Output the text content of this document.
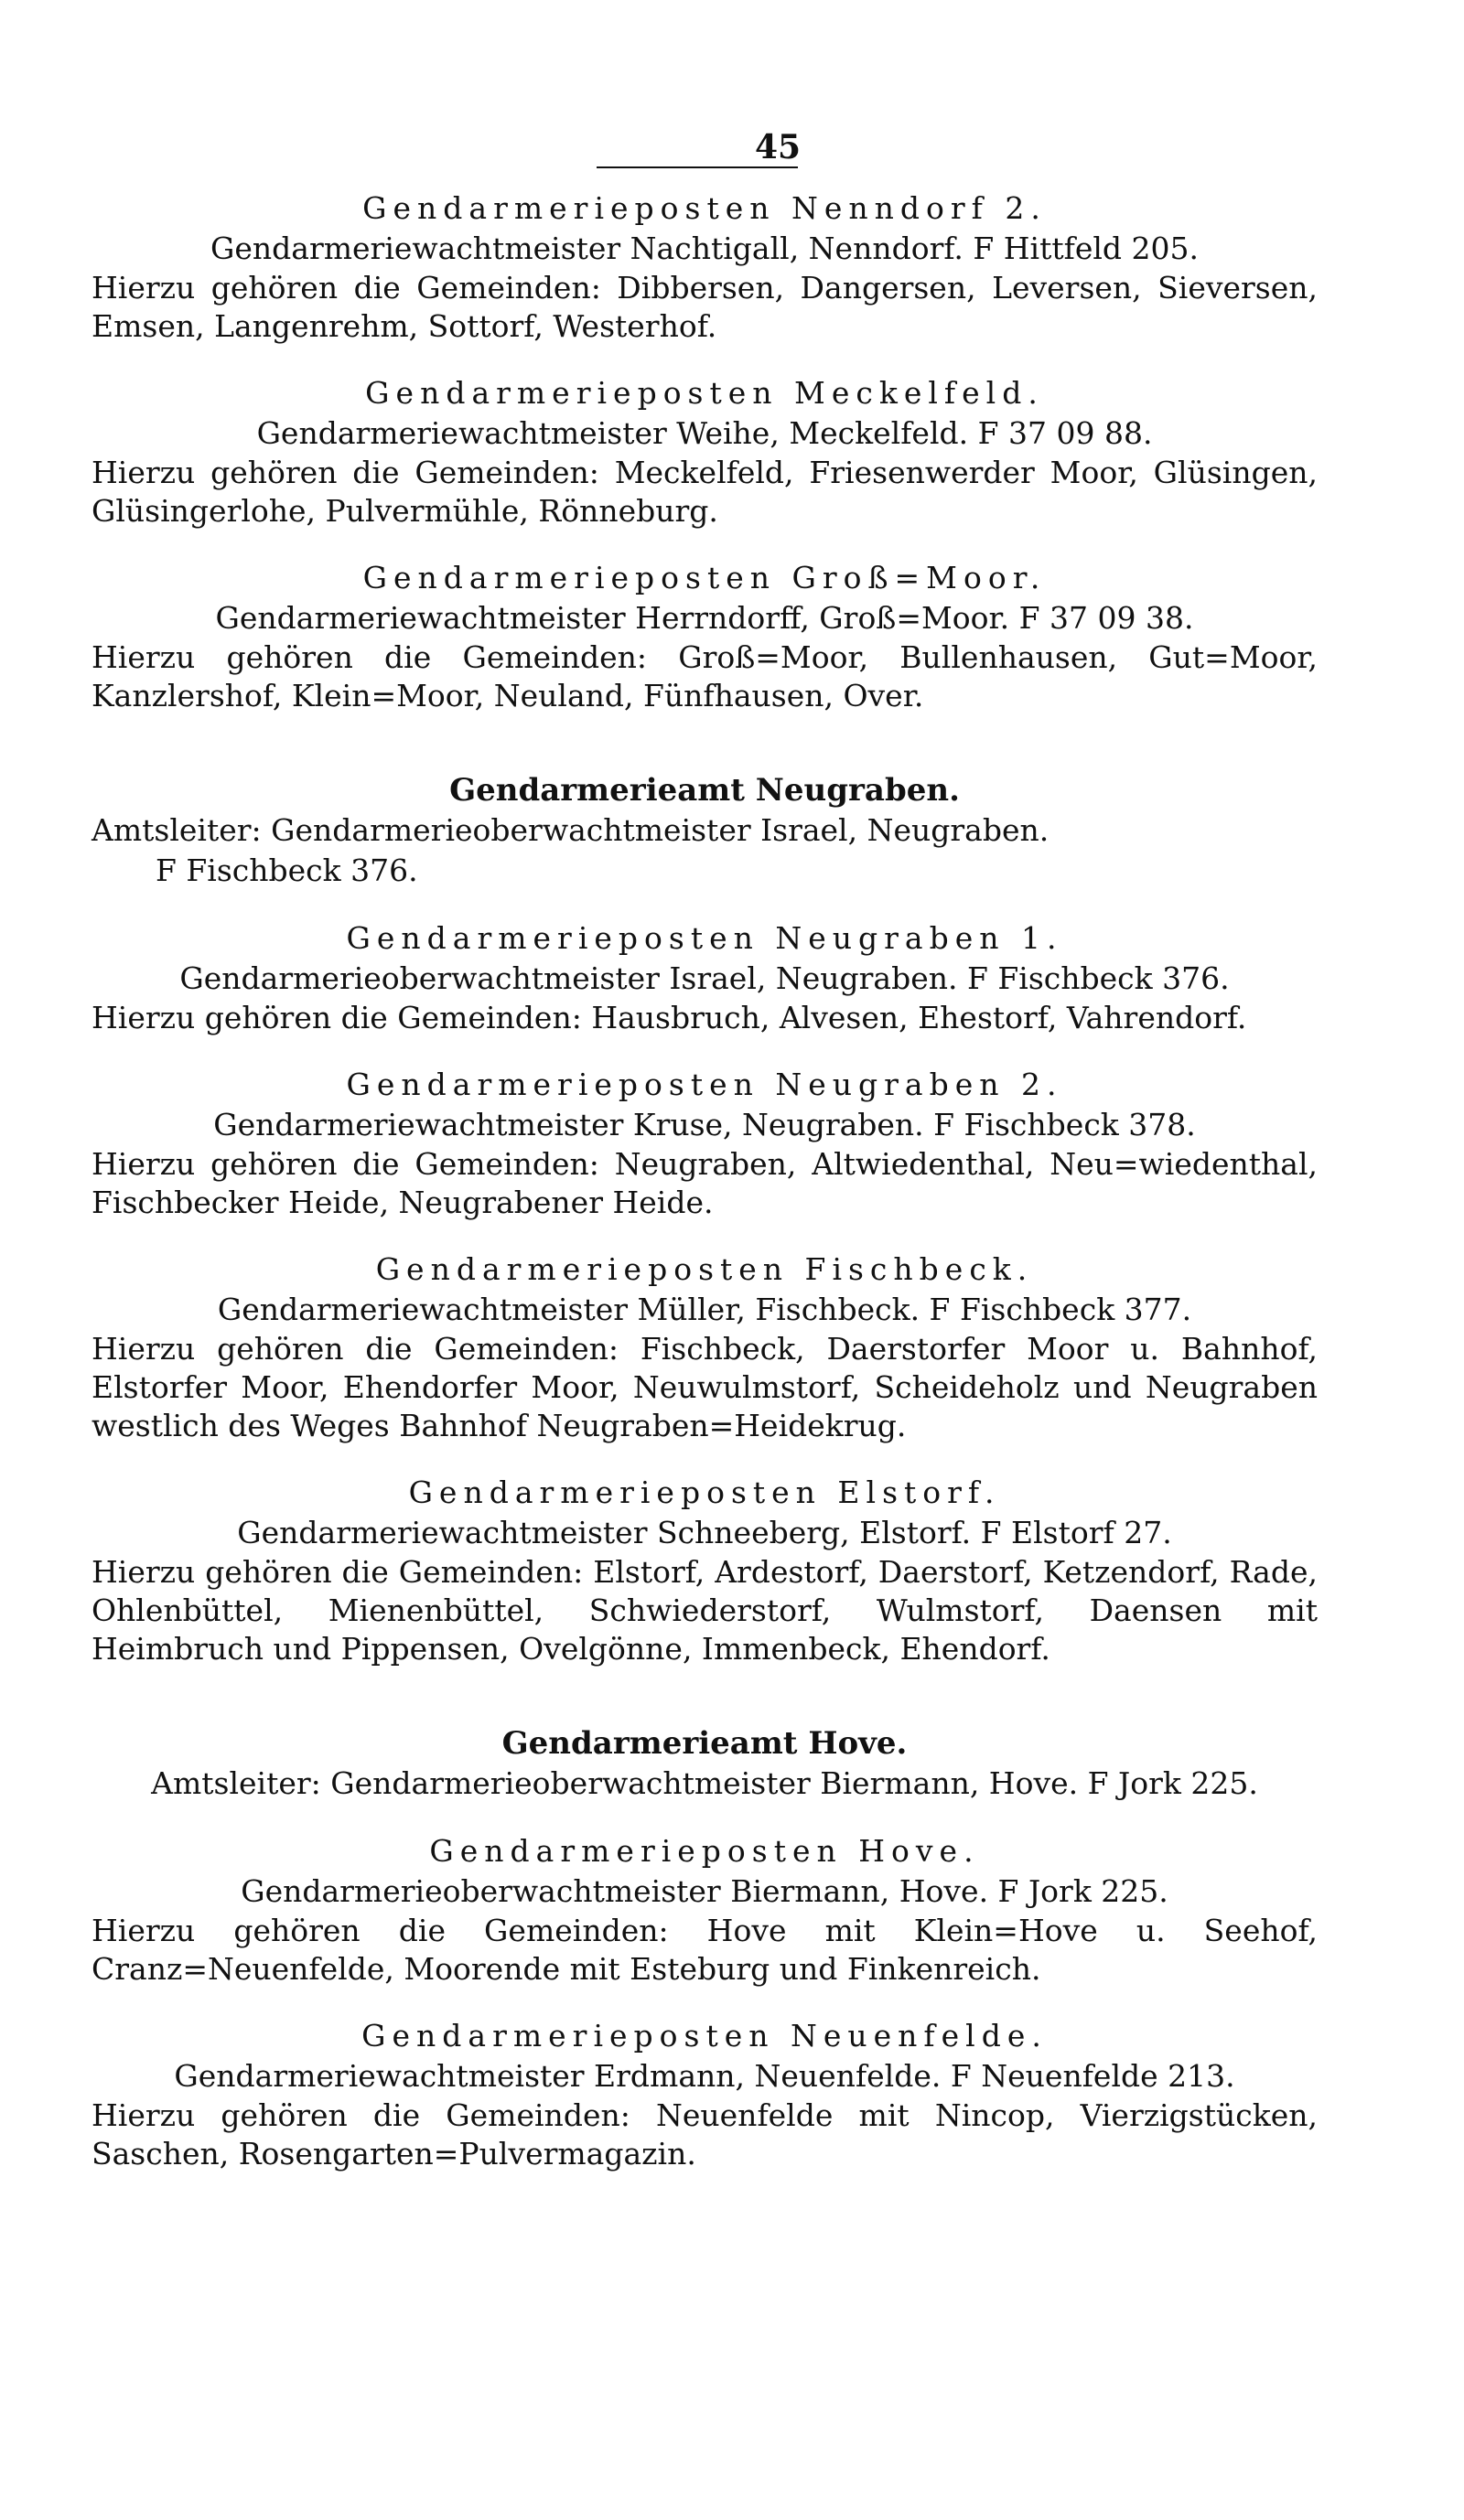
45

Gendarmerieposten Nenndorf 2.

Gendarmeriewachtmeister Nachtigall, Nenndorf. F Hittfeld 205.

Hierzu gehören die Gemeinden: Dibbersen, Dangersen, Leversen, Sieversen, Emsen, Langenrehm, Sottorf, Westerhof.

Gendarmerieposten Meckelfeld.

Gendarmeriewachtmeister Weihe, Meckelfeld. F 37 09 88.

Hierzu gehören die Gemeinden: Meckelfeld, Friesenwerder Moor, Glüsingen, Glüsingerlohe, Pulvermühle, Rönneburg.

Gendarmerieposten Groß=Moor.

Gendarmeriewachtmeister Herrndorff, Groß=Moor. F 37 09 38.

Hierzu gehören die Gemeinden: Groß=Moor, Bullenhausen, Gut=Moor, Kanzlershof, Klein=Moor, Neuland, Fünfhausen, Over.

Gendarmerieamt Neugraben.

Amtsleiter: Gendarmerieoberwachtmeister Israel, Neugraben.

F Fischbeck 376.

Gendarmerieposten Neugraben 1.

Gendarmerieoberwachtmeister Israel, Neugraben. F Fischbeck 376.

Hierzu gehören die Gemeinden: Hausbruch, Alvesen, Ehestorf, Vahrendorf.

Gendarmerieposten Neugraben 2.

Gendarmeriewachtmeister Kruse, Neugraben. F Fischbeck 378.

Hierzu gehören die Gemeinden: Neugraben, Altwiedenthal, Neu=wiedenthal, Fischbecker Heide, Neugrabener Heide.

Gendarmerieposten Fischbeck.

Gendarmeriewachtmeister Müller, Fischbeck. F Fischbeck 377.

Hierzu gehören die Gemeinden: Fischbeck, Daerstorfer Moor u. Bahnhof, Elstorfer Moor, Ehendorfer Moor, Neuwulmstorf, Scheideholz und Neugraben westlich des Weges Bahnhof Neugraben=Heidekrug.

Gendarmerieposten Elstorf.

Gendarmeriewachtmeister Schneeberg, Elstorf. F Elstorf 27.

Hierzu gehören die Gemeinden: Elstorf, Ardestorf, Daerstorf, Ketzendorf, Rade, Ohlenbüttel, Mienenbüttel, Schwiederstorf, Wulmstorf, Daensen mit Heimbruch und Pippensen, Ovelgönne, Immenbeck, Ehendorf.

Gendarmerieamt Hove.

Amtsleiter: Gendarmerieoberwachtmeister Biermann, Hove. F Jork 225.

Gendarmerieposten Hove.

Gendarmerieoberwachtmeister Biermann, Hove. F Jork 225.

Hierzu gehören die Gemeinden: Hove mit Klein=Hove u. Seehof, Cranz=Neuenfelde, Moorende mit Esteburg und Finkenreich.

Gendarmerieposten Neuenfelde.

Gendarmeriewachtmeister Erdmann, Neuenfelde. F Neuenfelde 213.

Hierzu gehören die Gemeinden: Neuenfelde mit Nincop, Vierzigstücken, Saschen, Rosengarten=Pulvermagazin.
